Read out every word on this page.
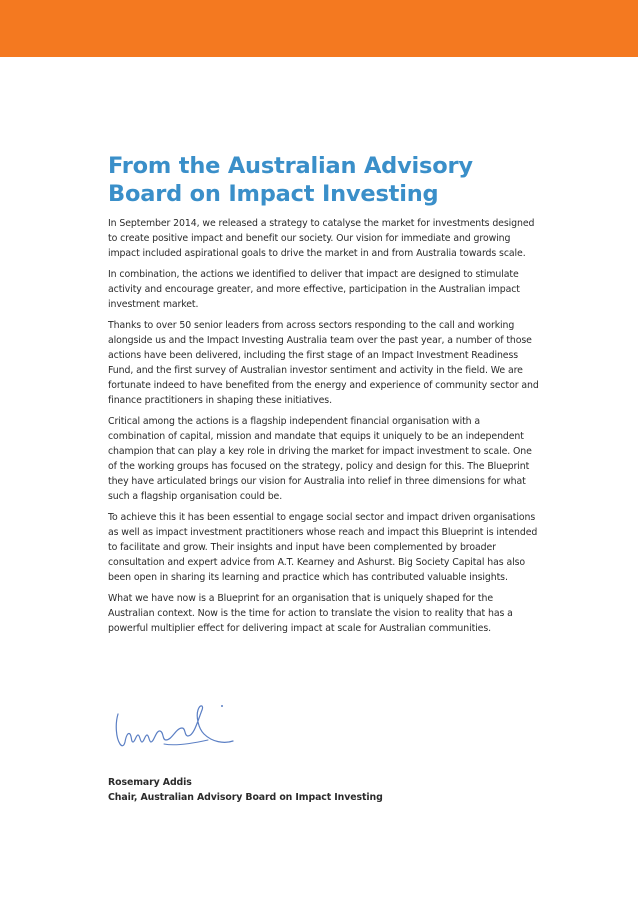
From the Australian Advisory Board on Impact Investing

In September 2014, we released a strategy to catalyse the market for investments designed to create positive impact and benefit our society. Our vision for immediate and growing impact included aspirational goals to drive the market in and from Australia towards scale.

In combination, the actions we identified to deliver that impact are designed to stimulate activity and encourage greater, and more effective, participation in the Australian impact investment market.

Thanks to over 50 senior leaders from across sectors responding to the call and working alongside us and the Impact Investing Australia team over the past year, a number of those actions have been delivered, including the first stage of an Impact Investment Readiness Fund, and the first survey of Australian investor sentiment and activity in the field. We are fortunate indeed to have benefited from the energy and experience of community sector and finance practitioners in shaping these initiatives.

Critical among the actions is a flagship independent financial organisation with a combination of capital, mission and mandate that equips it uniquely to be an independent champion that can play a key role in driving the market for impact investment to scale. One of the working groups has focused on the strategy, policy and design for this. The Blueprint they have articulated brings our vision for Australia into relief in three dimensions for what such a flagship organisation could be.

To achieve this it has been essential to engage social sector and impact driven organisations as well as impact investment practitioners whose reach and impact this Blueprint is intended to facilitate and grow. Their insights and input have been complemented by broader consultation and expert advice from A.T. Kearney and Ashurst. Big Society Capital has also been open in sharing its learning and practice which has contributed valuable insights.

What we have now is a Blueprint for an organisation that is uniquely shaped for the Australian context. Now is the time for action to translate the vision to reality that has a powerful multiplier effect for delivering impact at scale for Australian communities.

Rosemary Addis
Chair, Australian Advisory Board on Impact Investing
